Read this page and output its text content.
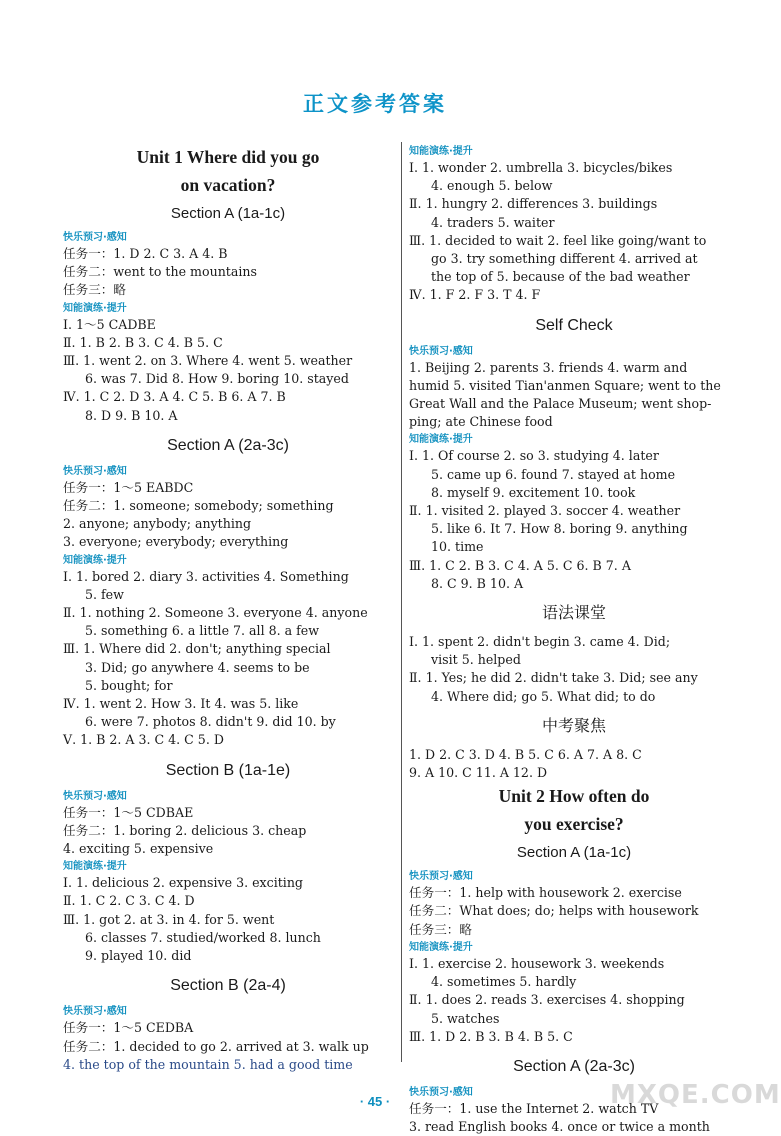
正文参考答案
Unit 1 Where did you go
on vacation?
Section A (1a-1c)
快乐预习·感知
任务一：1. D 2. C 3. A 4. B
任务二：went to the mountains
任务三：略
知能演练·提升
Ⅰ. 1～5 CADBE
Ⅱ. 1. B 2. B 3. C 4. B 5. C
Ⅲ. 1. went 2. on 3. Where 4. went 5. weather
6. was 7. Did 8. How 9. boring 10. stayed
Ⅳ. 1. C 2. D 3. A 4. C 5. B 6. A 7. B
8. D 9. B 10. A
Section A (2a-3c)
快乐预习·感知
任务一：1～5 EABDC
任务二：1. someone; somebody; something
2. anyone; anybody; anything
3. everyone; everybody; everything
知能演练·提升
Ⅰ. 1. bored 2. diary 3. activities 4. Something
5. few
Ⅱ. 1. nothing 2. Someone 3. everyone 4. anyone
5. something 6. a little 7. all 8. a few
Ⅲ. 1. Where did 2. don't; anything special
3. Did; go anywhere 4. seems to be
5. bought; for
Ⅳ. 1. went 2. How 3. It 4. was 5. like
6. were 7. photos 8. didn't 9. did 10. by
Ⅴ. 1. B 2. A 3. C 4. C 5. D
Section B (1a-1e)
快乐预习·感知
任务一：1～5 CDBAE
任务二：1. boring 2. delicious 3. cheap
4. exciting 5. expensive
知能演练·提升
Ⅰ. 1. delicious 2. expensive 3. exciting
Ⅱ. 1. C 2. C 3. C 4. D
Ⅲ. 1. got 2. at 3. in 4. for 5. went
6. classes 7. studied/worked 8. lunch
9. played 10. did
Section B (2a-4)
快乐预习·感知
任务一：1～5 CEDBA
任务二：1. decided to go 2. arrived at 3. walk up
4. the top of the mountain 5. had a good time
知能演练·提升
Ⅰ. 1. wonder 2. umbrella 3. bicycles/bikes
4. enough 5. below
Ⅱ. 1. hungry 2. differences 3. buildings
4. traders 5. waiter
Ⅲ. 1. decided to wait 2. feel like going/want to
go 3. try something different 4. arrived at
the top of 5. because of the bad weather
Ⅳ. 1. F 2. F 3. T 4. F
Self Check
快乐预习·感知
1. Beijing 2. parents 3. friends 4. warm and
humid 5. visited Tian'anmen Square; went to the
Great Wall and the Palace Museum; went shop-
ping; ate Chinese food
知能演练·提升
Ⅰ. 1. Of course 2. so 3. studying 4. later
5. came up 6. found 7. stayed at home
8. myself 9. excitement 10. took
Ⅱ. 1. visited 2. played 3. soccer 4. weather
5. like 6. It 7. How 8. boring 9. anything
10. time
Ⅲ. 1. C 2. B 3. C 4. A 5. C 6. B 7. A
8. C 9. B 10. A
语法课堂
Ⅰ. 1. spent 2. didn't begin 3. came 4. Did;
visit 5. helped
Ⅱ. 1. Yes; he did 2. didn't take 3. Did; see any
4. Where did; go 5. What did; to do
中考聚焦
1. D 2. C 3. D 4. B 5. C 6. A 7. A 8. C
9. A 10. C 11. A 12. D
Unit 2 How often do
you exercise?
Section A (1a-1c)
快乐预习·感知
任务一：1. help with housework 2. exercise
任务二：What does; do; helps with housework
任务三：略
知能演练·提升
Ⅰ. 1. exercise 2. housework 3. weekends
4. sometimes 5. hardly
Ⅱ. 1. does 2. reads 3. exercises 4. shopping
5. watches
Ⅲ. 1. D 2. B 3. B 4. B 5. C
Section A (2a-3c)
快乐预习·感知
任务一：1. use the Internet 2. watch TV
3. read English books 4. once or twice a month
· 45 ·	MXQE.COM
